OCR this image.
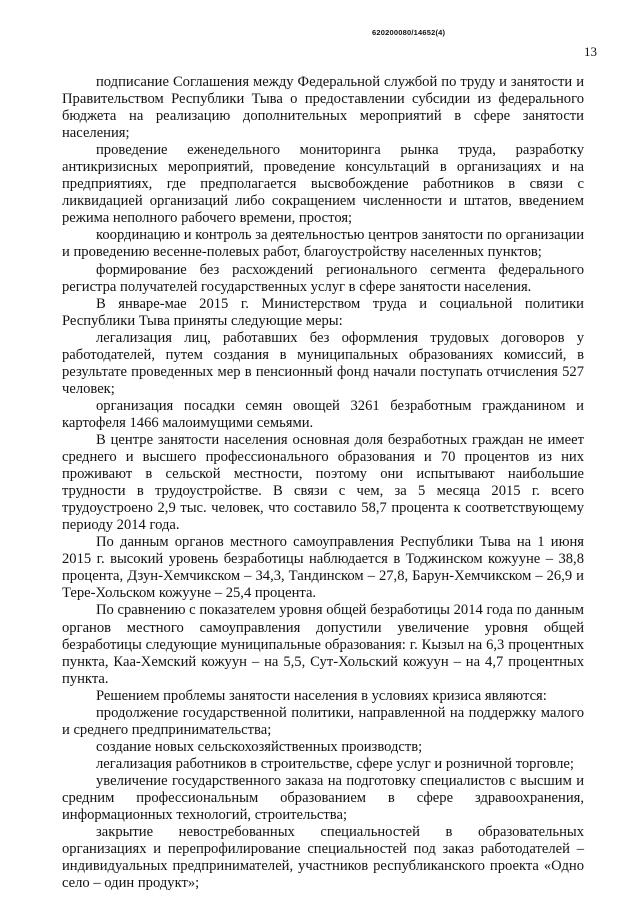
620200080/14652(4)
13

подписание Соглашения между Федеральной службой по труду и занятости и Правительством Республики Тыва о предоставлении субсидии из федерального бюджета на реализацию дополнительных мероприятий в сфере занятости населения;

проведение еженедельного мониторинга рынка труда, разработку антикризисных мероприятий, проведение консультаций в организациях и на предприятиях, где предполагается высвобождение работников в связи с ликвидацией организаций либо сокращением численности и штатов, введением режима неполного рабочего времени, простоя;

координацию и контроль за деятельностью центров занятости по организации и проведению весенне-полевых работ, благоустройству населенных пунктов;

формирование без расхождений регионального сегмента федерального регистра получателей государственных услуг в сфере занятости населения.

В январе-мае 2015 г. Министерством труда и социальной политики Республики Тыва приняты следующие меры:

легализация лиц, работавших без оформления трудовых договоров у работодателей, путем создания в муниципальных образованиях комиссий, в результате проведенных мер в пенсионный фонд начали поступать отчисления 527 человек;

организация посадки семян овощей 3261 безработным гражданином и картофеля 1466 малоимущими семьями.

В центре занятости населения основная доля безработных граждан не имеет среднего и высшего профессионального образования и 70 процентов из них проживают в сельской местности, поэтому они испытывают наибольшие трудности в трудоустройстве. В связи с чем, за 5 месяца 2015 г. всего трудоустроено 2,9 тыс. человек, что составило 58,7 процента к соответствующему периоду 2014 года.

По данным органов местного самоуправления Республики Тыва на 1 июня 2015 г. высокий уровень безработицы наблюдается в Тоджинском кожууне – 38,8 процента, Дзун-Хемчикском – 34,3, Тандинском – 27,8, Барун-Хемчикском – 26,9 и Тере-Хольском кожууне – 25,4 процента.

По сравнению с показателем уровня общей безработицы 2014 года по данным органов местного самоуправления допустили увеличение уровня общей безработицы следующие муниципальные образования: г. Кызыл на 6,3 процентных пункта, Каа-Хемский кожуун – на 5,5, Сут-Хольский кожуун – на 4,7 процентных пункта.

Решением проблемы занятости населения в условиях кризиса являются:

продолжение государственной политики, направленной на поддержку малого и среднего предпринимательства;

создание новых сельскохозяйственных производств;

легализация работников в строительстве, сфере услуг и розничной торговле;

увеличение государственного заказа на подготовку специалистов с высшим и средним профессиональным образованием в сфере здравоохранения, информационных технологий, строительства;

закрытие невостребованных специальностей в образовательных организациях и перепрофилирование специальностей под заказ работодателей – индивидуальных предпринимателей, участников республиканского проекта «Одно село – один продукт»;
